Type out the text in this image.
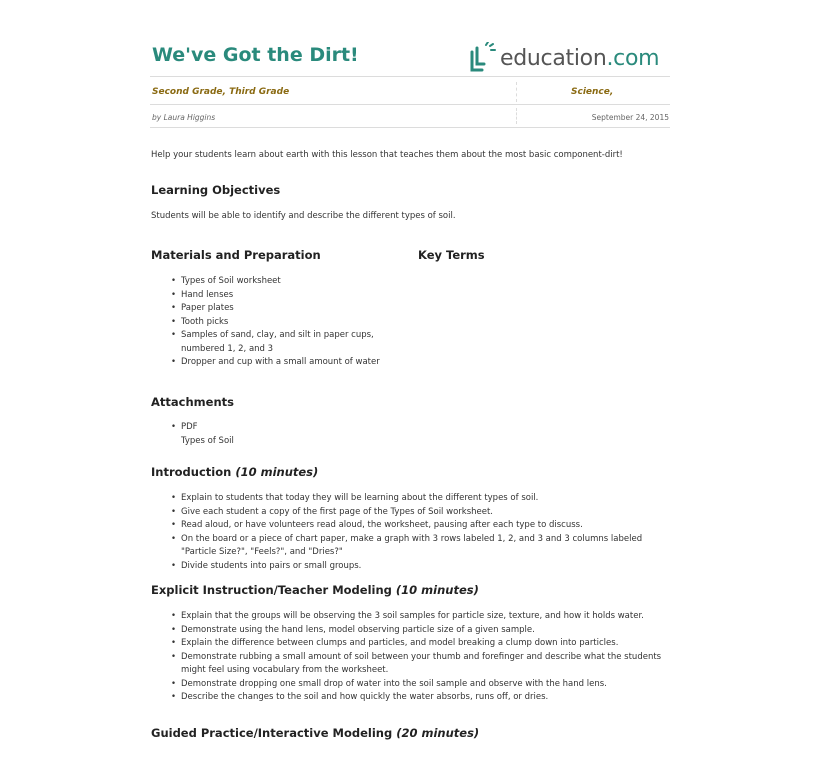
We've Got the Dirt!	education.com
Second Grade, Third Grade	Science,
by Laura Higgins	September 24, 2015
Help your students learn about earth with this lesson that teaches them about the most basic component-dirt!
Learning Objectives
Students will be able to identify and describe the different types of soil.
Materials and Preparation	Key Terms
• Types of Soil worksheet
• Hand lenses
• Paper plates
• Tooth picks
• Samples of sand, clay, and silt in paper cups, numbered 1, 2, and 3
• Dropper and cup with a small amount of water
Attachments
• PDF
Types of Soil
Introduction (10 minutes)
• Explain to students that today they will be learning about the different types of soil.
• Give each student a copy of the first page of the Types of Soil worksheet.
• Read aloud, or have volunteers read aloud, the worksheet, pausing after each type to discuss.
• On the board or a piece of chart paper, make a graph with 3 rows labeled 1, 2, and 3 and 3 columns labeled "Particle Size?", "Feels?", and "Dries?"
• Divide students into pairs or small groups.
Explicit Instruction/Teacher Modeling (10 minutes)
• Explain that the groups will be observing the 3 soil samples for particle size, texture, and how it holds water.
• Demonstrate using the hand lens, model observing particle size of a given sample.
• Explain the difference between clumps and particles, and model breaking a clump down into particles.
• Demonstrate rubbing a small amount of soil between your thumb and forefinger and describe what the students might feel using vocabulary from the worksheet.
• Demonstrate dropping one small drop of water into the soil sample and observe with the hand lens.
• Describe the changes to the soil and how quickly the water absorbs, runs off, or dries.
Guided Practice/Interactive Modeling (20 minutes)
